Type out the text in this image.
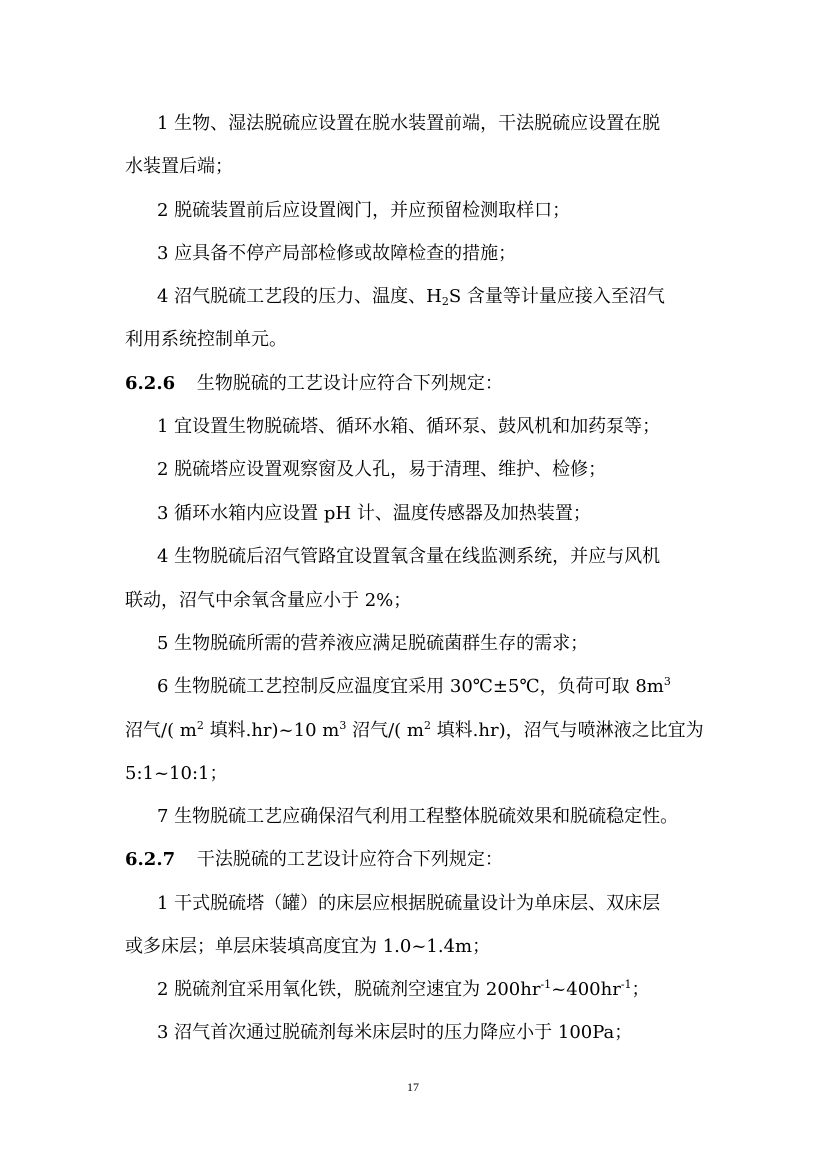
1 生物、湿法脱硫应设置在脱水装置前端，干法脱硫应设置在脱
水装置后端；
2 脱硫装置前后应设置阀门，并应预留检测取样口；
3 应具备不停产局部检修或故障检查的措施；
4 沼气脱硫工艺段的压力、温度、$H_2S$ 含量等计量应接入至沼气
利用系统控制单元。
6.2.6 生物脱硫的工艺设计应符合下列规定：
1 宜设置生物脱硫塔、循环水箱、循环泵、鼓风机和加药泵等；
2 脱硫塔应设置观察窗及人孔，易于清理、维护、检修；
3 循环水箱内应设置 pH 计、温度传感器及加热装置；
4 生物脱硫后沼气管路宜设置氧含量在线监测系统，并应与风机
联动，沼气中余氧含量应小于 2%；
5 生物脱硫所需的营养液应满足脱硫菌群生存的需求；
6 生物脱硫工艺控制反应温度宜采用 30℃±5℃，负荷可取 $8m^3$
沼气/( $m^2$ 填料.hr)~10 $m^3$ 沼气/( $m^2$ 填料.hr)，沼气与喷淋液之比宜为
5:1~10:1；
7 生物脱硫工艺应确保沼气利用工程整体脱硫效果和脱硫稳定性。
6.2.7 干法脱硫的工艺设计应符合下列规定：
1 干式脱硫塔（罐）的床层应根据脱硫量设计为单床层、双床层
或多床层；单层床装填高度宜为 1.0~1.4m；
2 脱硫剂宜采用氧化铁，脱硫剂空速宜为 $200hr^{-1}\sim 400hr^{-1}$；
3 沼气首次通过脱硫剂每米床层时的压力降应小于 100Pa；
17
